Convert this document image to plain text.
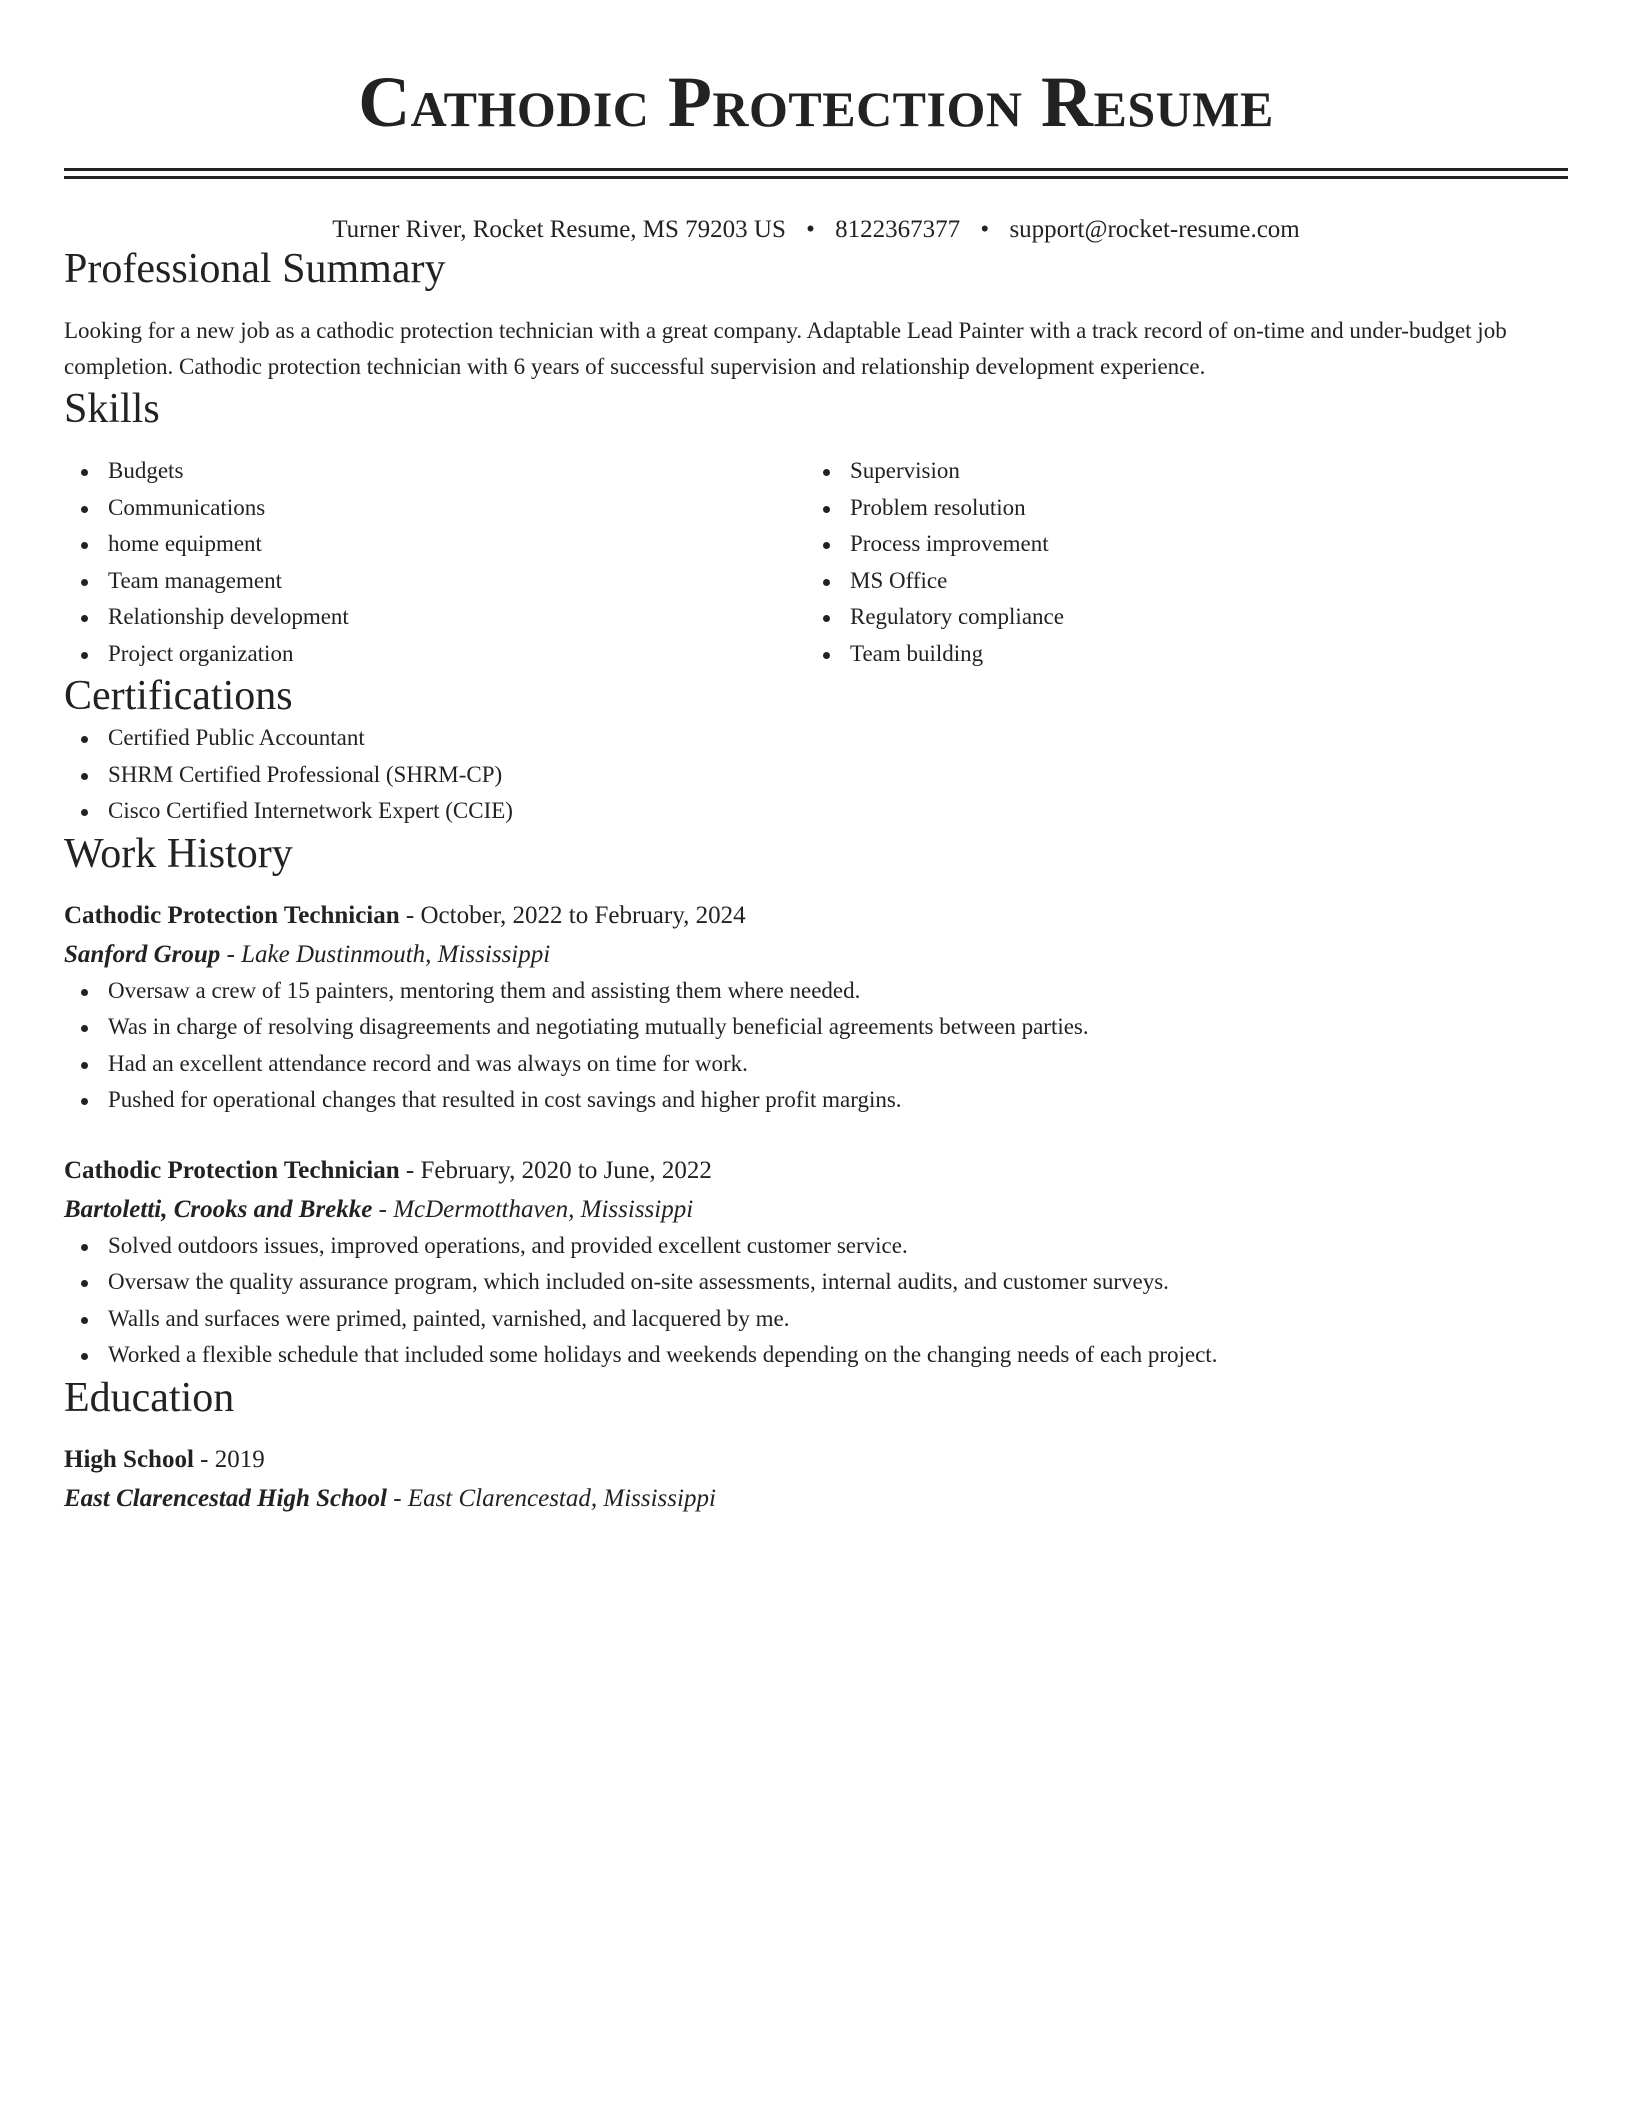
Cathodic Protection Resume
Turner River, Rocket Resume, MS 79203 US • 8122367377 • support@rocket-resume.com
Professional Summary
Looking for a new job as a cathodic protection technician with a great company. Adaptable Lead Painter with a track record of on-time and under-budget job completion. Cathodic protection technician with 6 years of successful supervision and relationship development experience.
Skills
Budgets
Communications
home equipment
Team management
Relationship development
Project organization
Supervision
Problem resolution
Process improvement
MS Office
Regulatory compliance
Team building
Certifications
Certified Public Accountant
SHRM Certified Professional (SHRM-CP)
Cisco Certified Internetwork Expert (CCIE)
Work History
Cathodic Protection Technician - October, 2022 to February, 2024
Sanford Group - Lake Dustinmouth, Mississippi
Oversaw a crew of 15 painters, mentoring them and assisting them where needed.
Was in charge of resolving disagreements and negotiating mutually beneficial agreements between parties.
Had an excellent attendance record and was always on time for work.
Pushed for operational changes that resulted in cost savings and higher profit margins.
Cathodic Protection Technician - February, 2020 to June, 2022
Bartoletti, Crooks and Brekke - McDermotthaven, Mississippi
Solved outdoors issues, improved operations, and provided excellent customer service.
Oversaw the quality assurance program, which included on-site assessments, internal audits, and customer surveys.
Walls and surfaces were primed, painted, varnished, and lacquered by me.
Worked a flexible schedule that included some holidays and weekends depending on the changing needs of each project.
Education
High School - 2019
East Clarencestad High School - East Clarencestad, Mississippi
